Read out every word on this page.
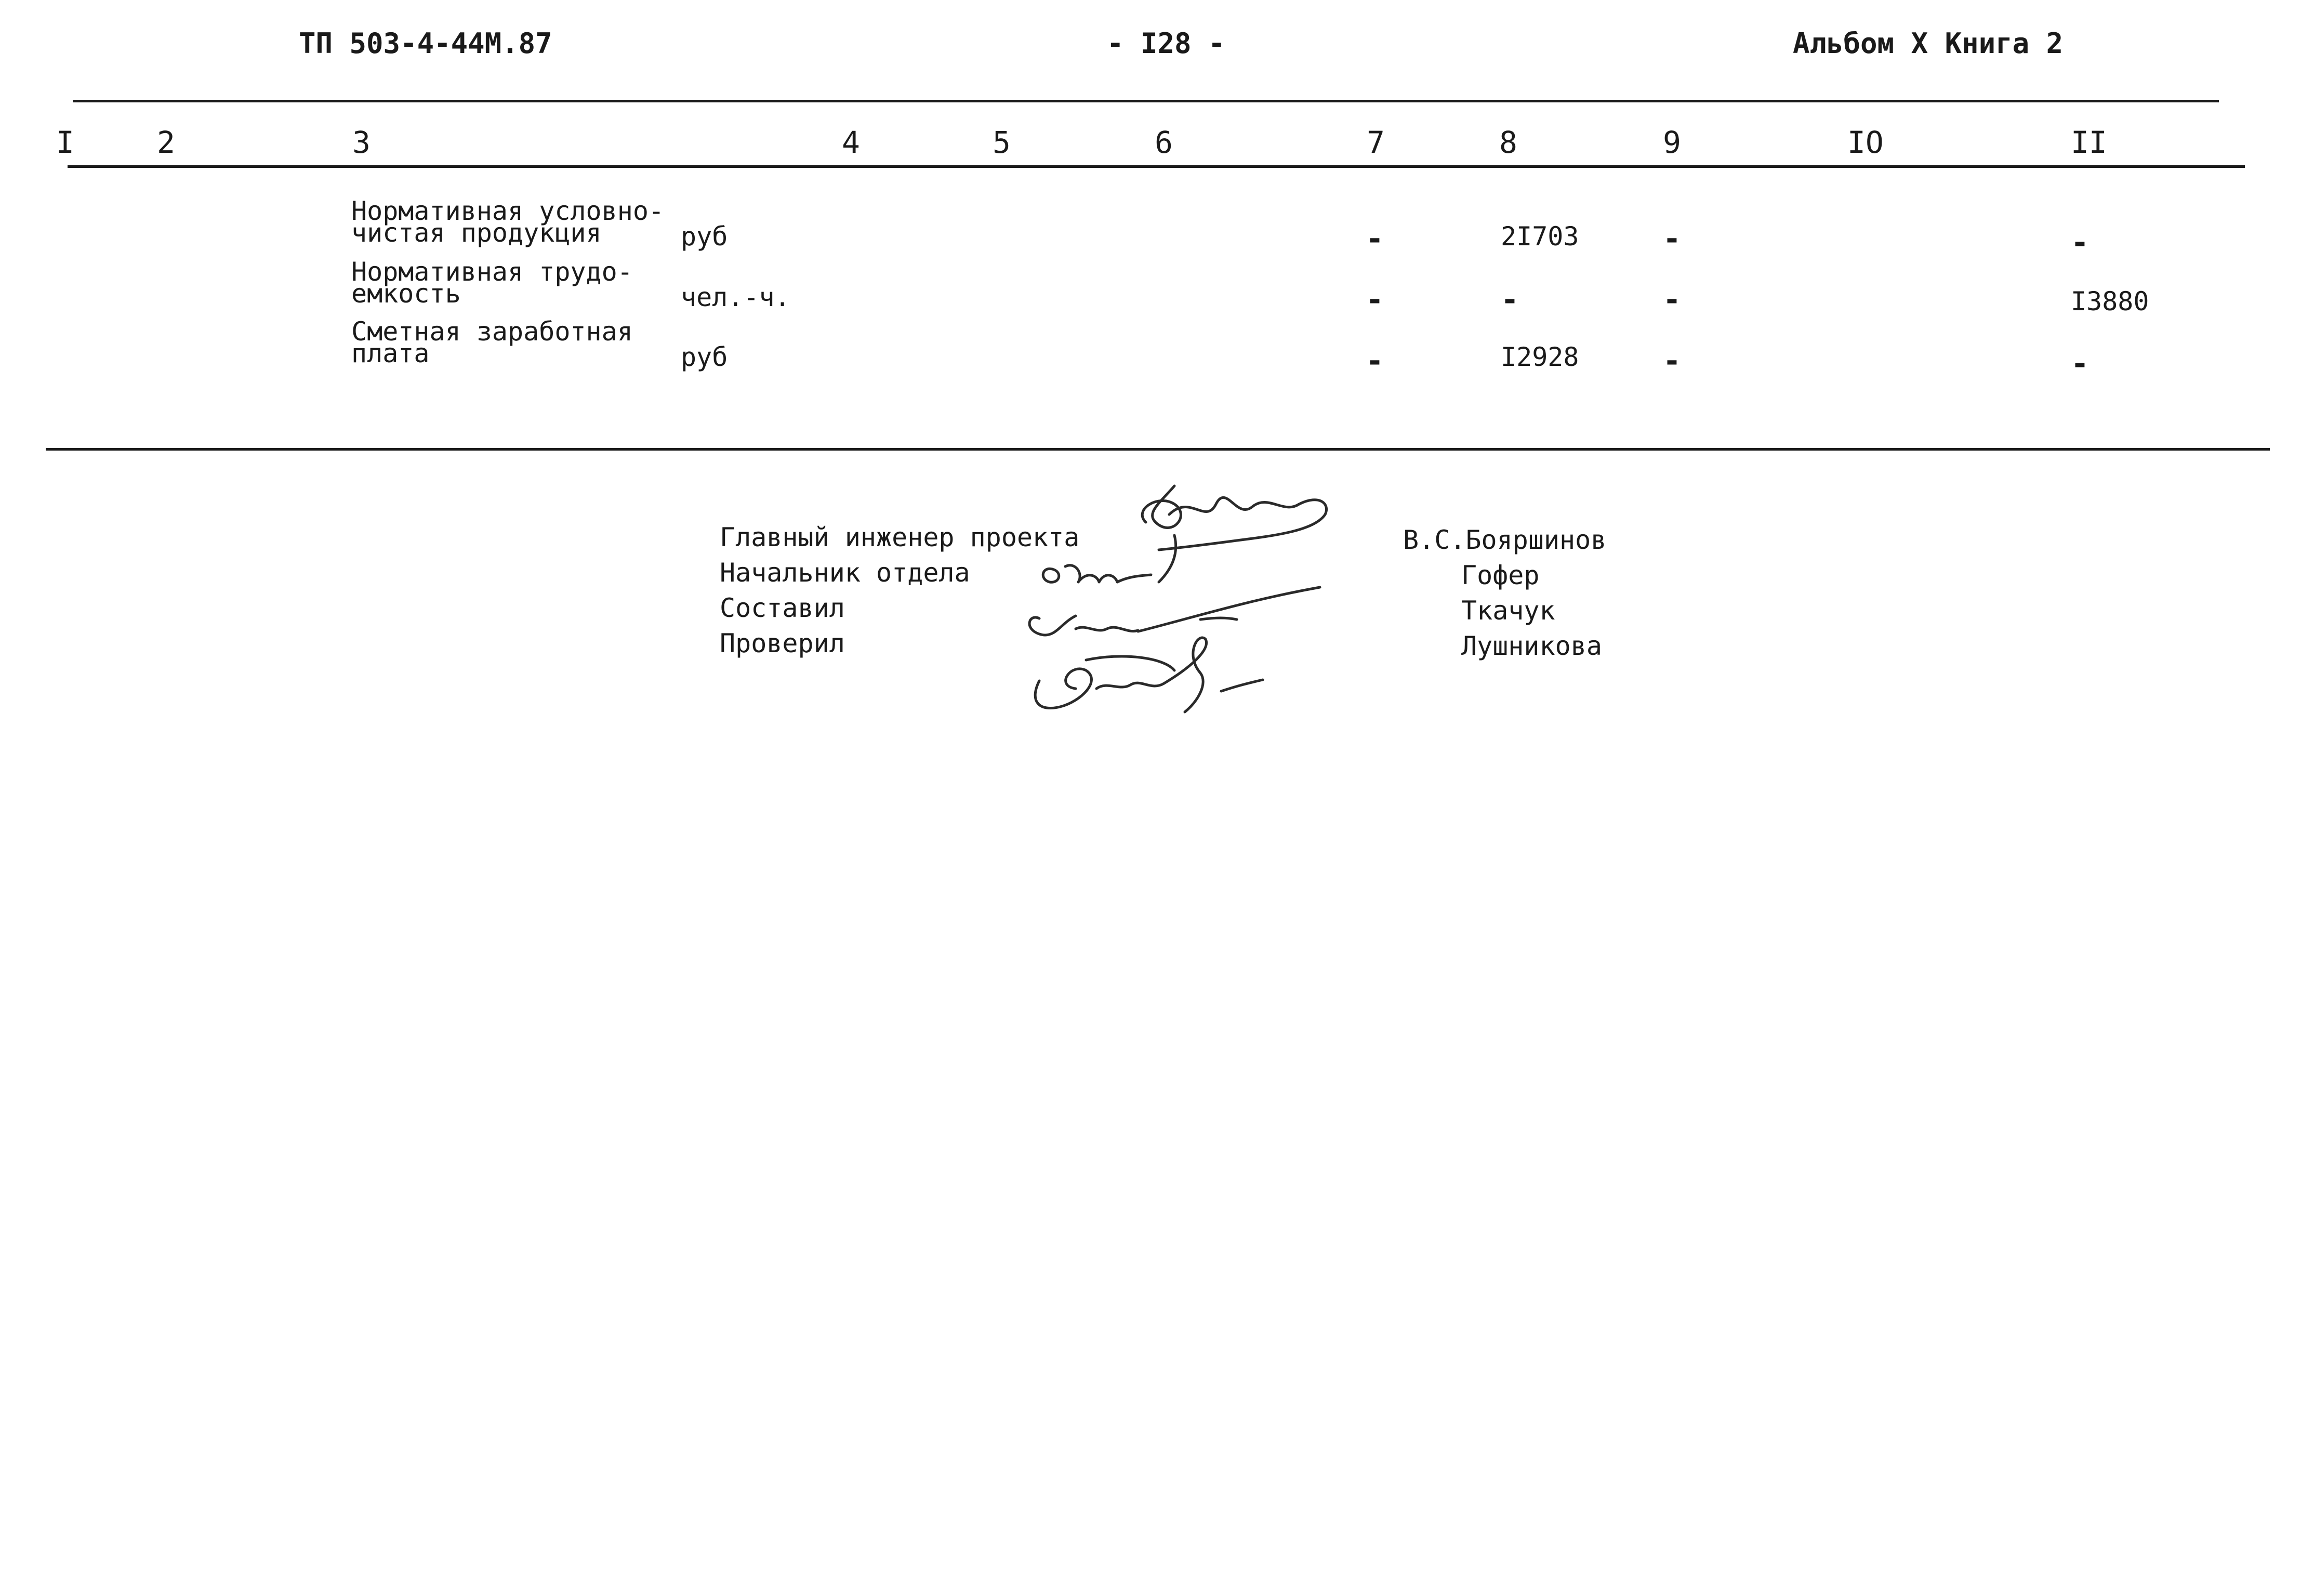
ТП 503-4-44М.87	- I28 -	Альбом X Книга 2
I	2	3	4	5	6	7	8	9	IO	II
Нормативная условно-
чистая продукция	руб	-	2I703	-	-
Нормативная трудо-
емкость	чел.-ч.	-	-	-	I3880
Сметная заработная
плата	руб	-	I2928	-	-
Главный инженер проекта
Начальник отдела
Составил
Проверил
В.С.Бояршинов
Гофер
Ткачук
Лушникова
